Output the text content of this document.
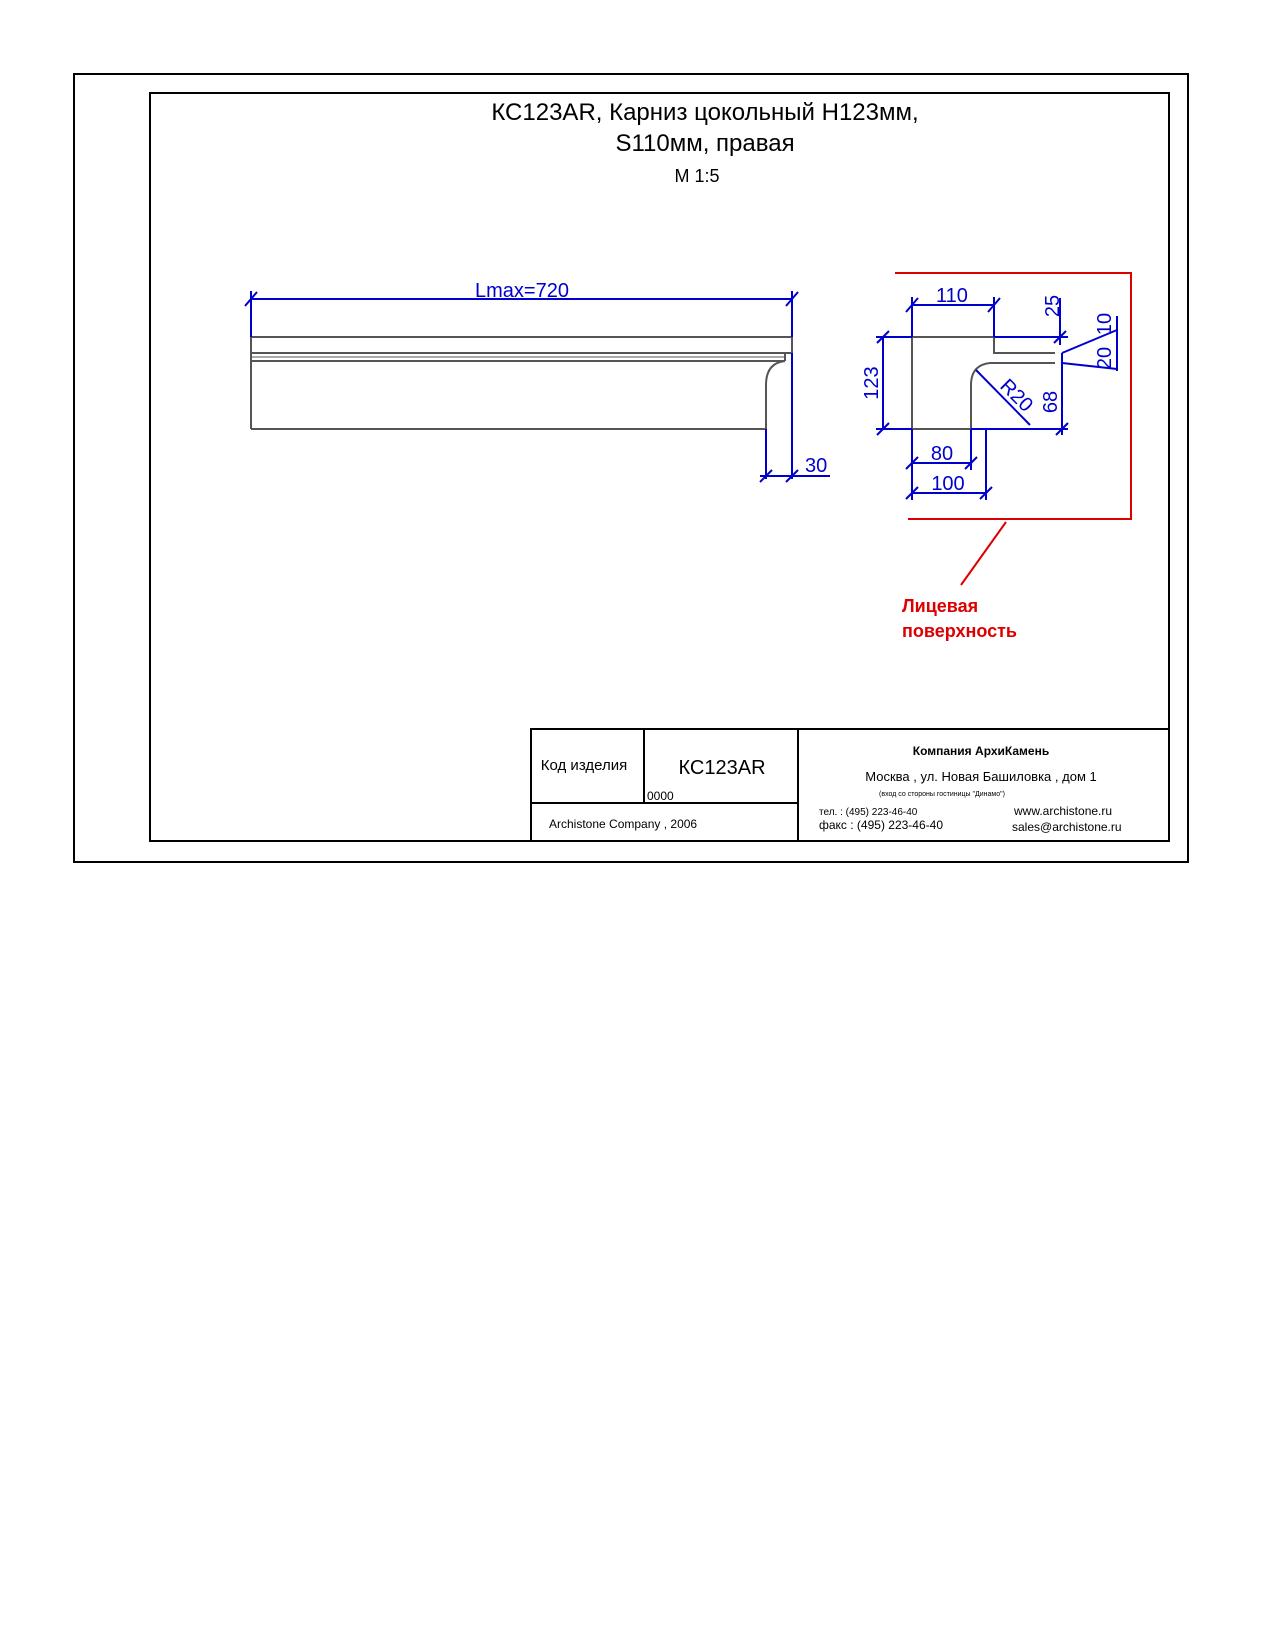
КС123AR, Карниз цокольный H123мм,
S110мм, правая
М 1:5
Lmax=720
30
Лицевая
поверхность
110	25
10
20
123	R20 68
80
100
Код изделия	КС123AR
0000
Archistone Company , 2006
Компания АрхиКамень
Москва , ул. Новая Башиловка , дом 1
(вход со стороны гостиницы "Динамо")
тел. : (495) 223-46-40
факс : (495) 223-46-40
www.archistone.ru
sales@archistone.ru
